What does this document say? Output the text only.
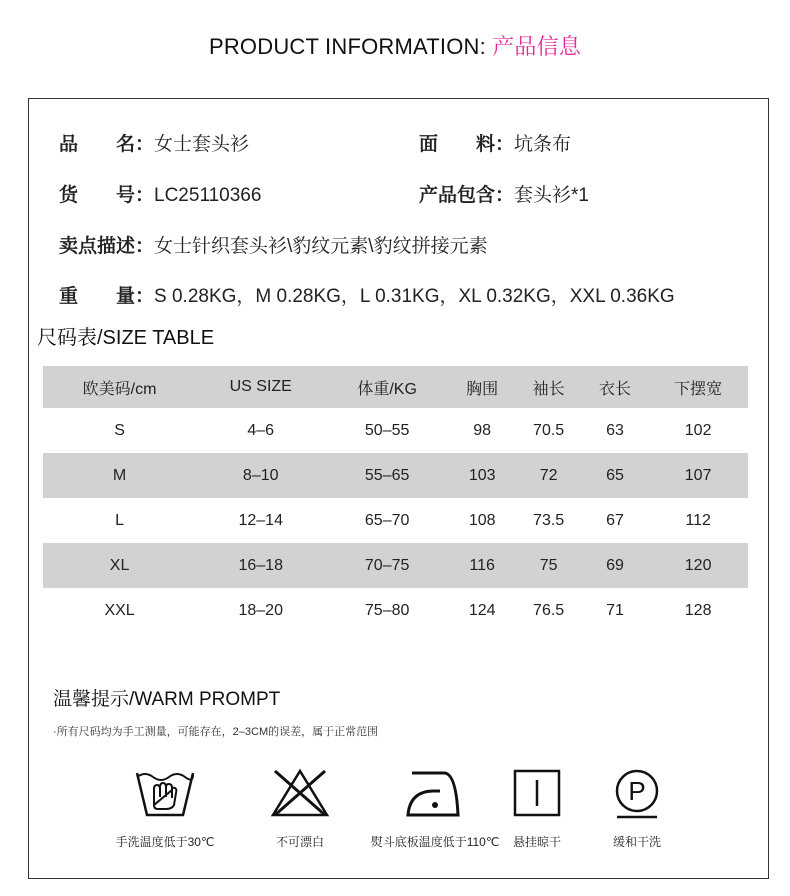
PRODUCT INFORMATION: 产品信息
品　　名：女士套头衫	面　　料：坑条布
货　　号：LC25110366	产品包含：套头衫*1
卖点描述：女士针织套头衫\豹纹元素\豹纹拼接元素
重　　量：S 0.28KG，M 0.28KG，L 0.31KG，XL 0.32KG，XXL 0.36KG
尺码表/SIZE TABLE
欧美码/cm	US SIZE	体重/KG	胸围	袖长	衣长	下摆宽
S	4–6	50–55	98	70.5	63	102
M	8–10	55–65	103	72	65	107
L	12–14	65–70	108	73.5	67	112
XL	16–18	70–75	116	75	69	120
XXL	18–20	75–80	124	76.5	71	128
温馨提示/WARM PROMPT
·所有尺码均为手工测量，可能存在，2–3CM的误差，属于正常范围
手洗温度低于30℃	不可漂白	熨斗底板温度低于110℃	悬挂晾干
P
缓和干洗
